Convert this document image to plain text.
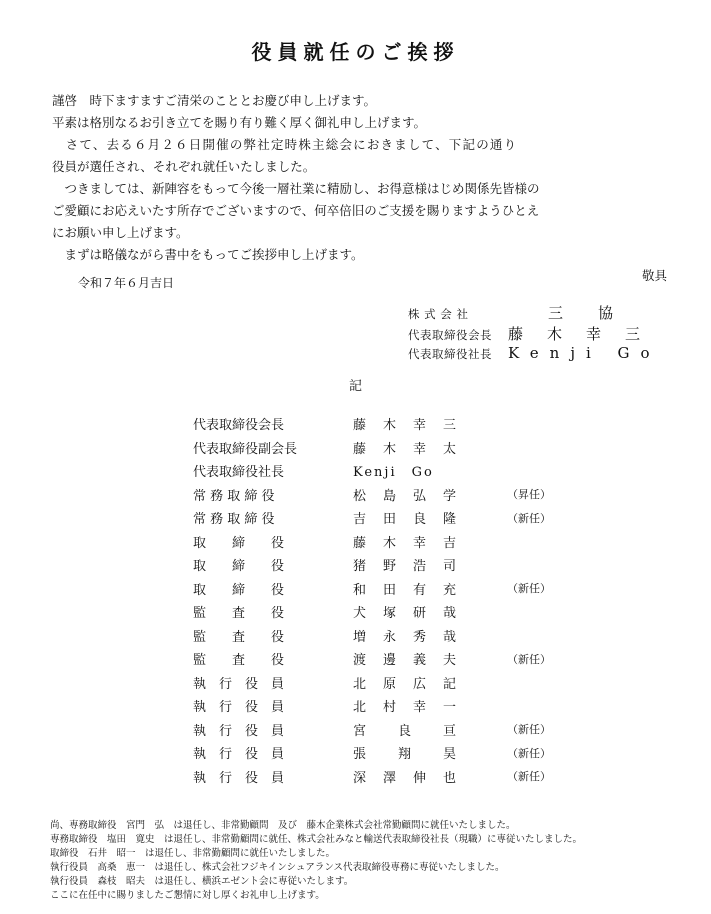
役員就任のご挨拶
謹啓　時下ますますご清栄のこととお慶び申し上げます。
平素は格別なるお引き立てを賜り有り難く厚く御礼申し上げます。
　さて、去る６月２６日開催の弊社定時株主総会におきまして、下記の通り
役員が選任され、それぞれ就任いたしました。
　つきましては、新陣容をもって今後一層社業に精励し、お得意様はじめ関係先皆様の
ご愛顧にお応えいたす所存でございますので、何卒倍旧のご支援を賜りますようひとえ
にお願い申し上げます。
　まずは略儀ながら書中をもってご挨拶申し上げます。
敬具
令和７年６月吉日
株 式 会 社	三　協
代表取締役会長	藤木幸三
代表取締役社長	Kenji Go
記
代表取締役会長	藤　木　幸　三
代表取締役副会長	藤　木　幸　太
代表取締役社長	Kenji　Go
常 務 取 締 役	松　島　弘　学	（昇任）
常 務 取 締 役	吉　田　良　隆	（新任）
取　　締　　役	藤　木　幸　吉
取　　締　　役	猪　野　浩　司
取　　締　　役	和　田　有　充	（新任）
監　　査　　役	犬　塚　研　哉
監　　査　　役	増　永　秀　哉
監　　査　　役	渡　邊　義　夫	（新任）
執　行　役　員	北　原　広　記
執　行　役　員	北　村　幸　一
執　行　役　員	宮　　良　　亘	（新任）
執　行　役　員	張　　翔　　昊	（新任）
執　行　役　員	深　澤　伸　也	（新任）
尚、専務取締役　宮門　弘　は退任し、非常勤顧問　及び　藤木企業株式会社常勤顧問に就任いたしました。
専務取締役　塩田　寛史　は退任し、非常勤顧問に就任、株式会社みなと輸送代表取締役社長（現職）に専従いたしました。
取締役　石井　昭一　は退任し、非常勤顧問に就任いたしました。
執行役員　高桑　恵一　は退任し、株式会社フジキインシュアランス代表取締役専務に専従いたしました。
執行役員　森枝　昭夫　は退任し、横浜エゼント会に専従いたします。
ここに在任中に賜りましたご懇情に対し厚くお礼申し上げます。
